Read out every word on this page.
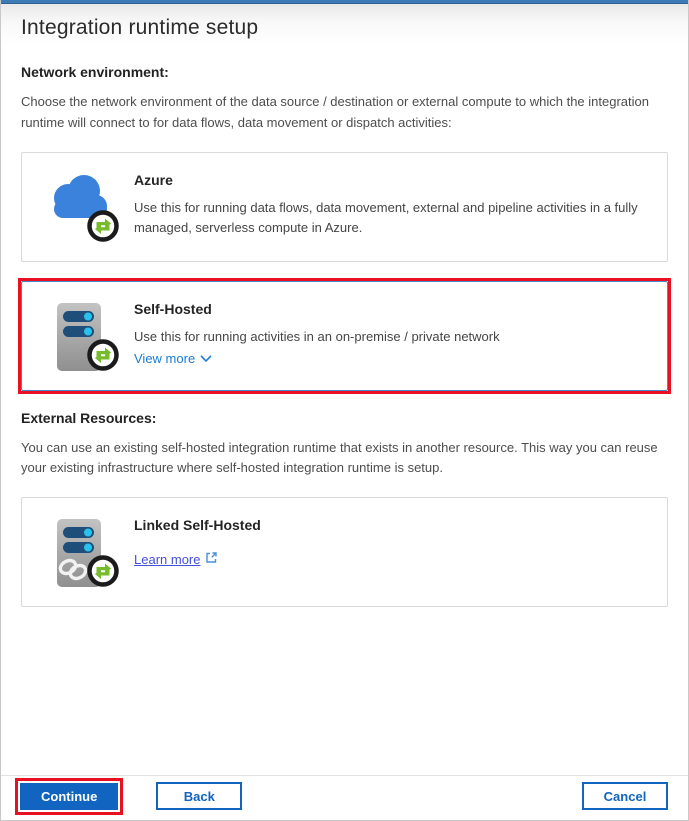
Integration runtime setup
Network environment:

Choose the network environment of the data source / destination or external compute to which the integration runtime will connect to for data flows, data movement or dispatch activities:

Azure

Use this for running data flows, data movement, external and pipeline activities in a fully managed, serverless compute in Azure.

Self-Hosted

Use this for running activities in an on-premise / private network

View more
External Resources:

You can use an existing self-hosted integration runtime that exists in another resource. This way you can reuse your existing infrastructure where self-hosted integration runtime is setup.

Linked Self-Hosted
Learn more
Continue	Back	Cancel
